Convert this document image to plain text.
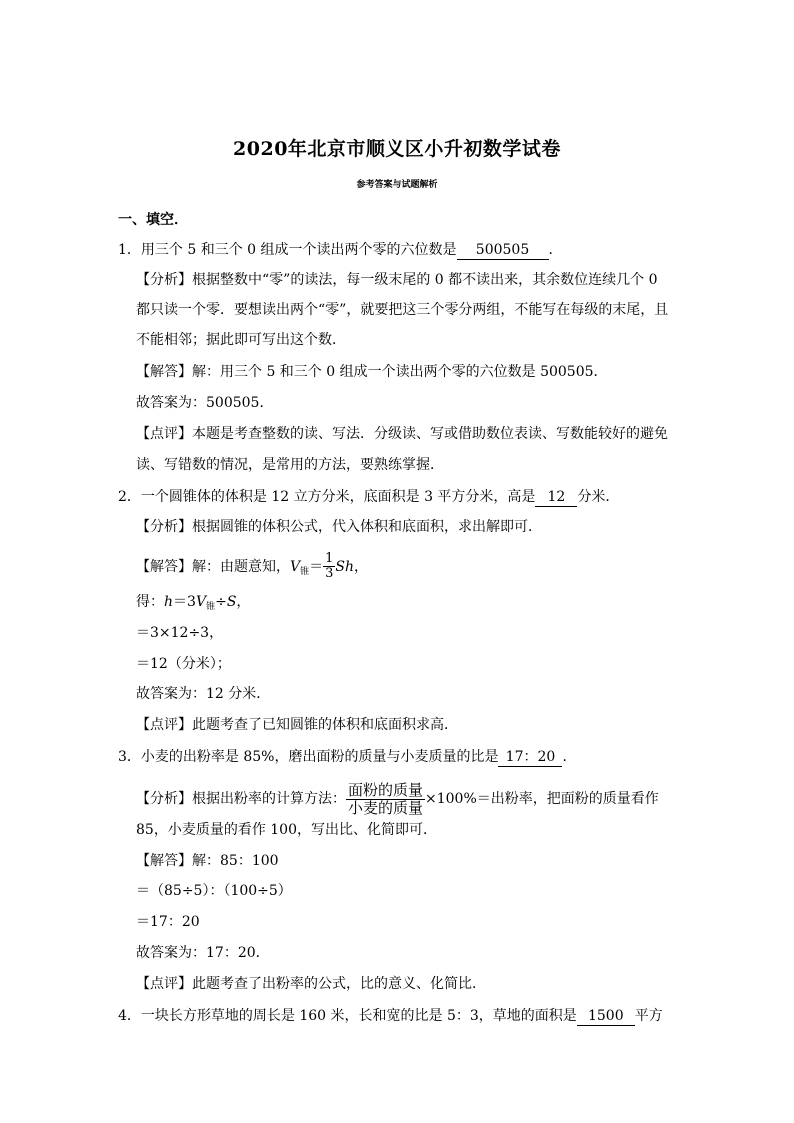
2020年北京市顺义区小升初数学试卷
参考答案与试题解析
一、填空．
1．用三个 5 和三个 0 组成一个读出两个零的六位数是 500505 ．
【分析】根据整数中“零”的读法，每一级末尾的 0 都不读出来，其余数位连续几个 0
都只读一个零．要想读出两个“零”，就要把这三个零分两组，不能写在每级的末尾，且
不能相邻；据此即可写出这个数．
【解答】解：用三个 5 和三个 0 组成一个读出两个零的六位数是 500505．
故答案为：500505．
【点评】本题是考查整数的读、写法．分级读、写或借助数位表读、写数能较好的避免
读、写错数的情况，是常用的方法，要熟练掌握．
2．一个圆锥体的体积是 12 立方分米，底面积是 3 平方分米，高是 12 分米．
【分析】根据圆锥的体积公式，代入体积和底面积，求出解即可．
【解答】解：由题意知，$V_锥= \frac{1}{3}$ Sh，
得：$h=3V_锥\div S$，
＝3×12÷3，
＝12（分米）；
故答案为：12 分米．
【点评】此题考查了已知圆锥的体积和底面积求高．
3．小麦的出粉率是 85%，磨出面粉的质量与小麦质量的比是 17：20 ．
【分析】根据出粉率的计算方法： $\frac{\text{面粉的质量}}{\text{小麦的质量}} \times 100\%=$出粉率，把面粉的质量看作
85，小麦质量的看作 100，写出比、化简即可．
【解答】解：85：100
＝（85÷5）：（100÷5）
＝17：20
故答案为：17：20．
【点评】此题考查了出粉率的公式，比的意义、化简比．
4．一块长方形草地的周长是 160 米，长和宽的比是 5：3，草地的面积是 1500 平方
